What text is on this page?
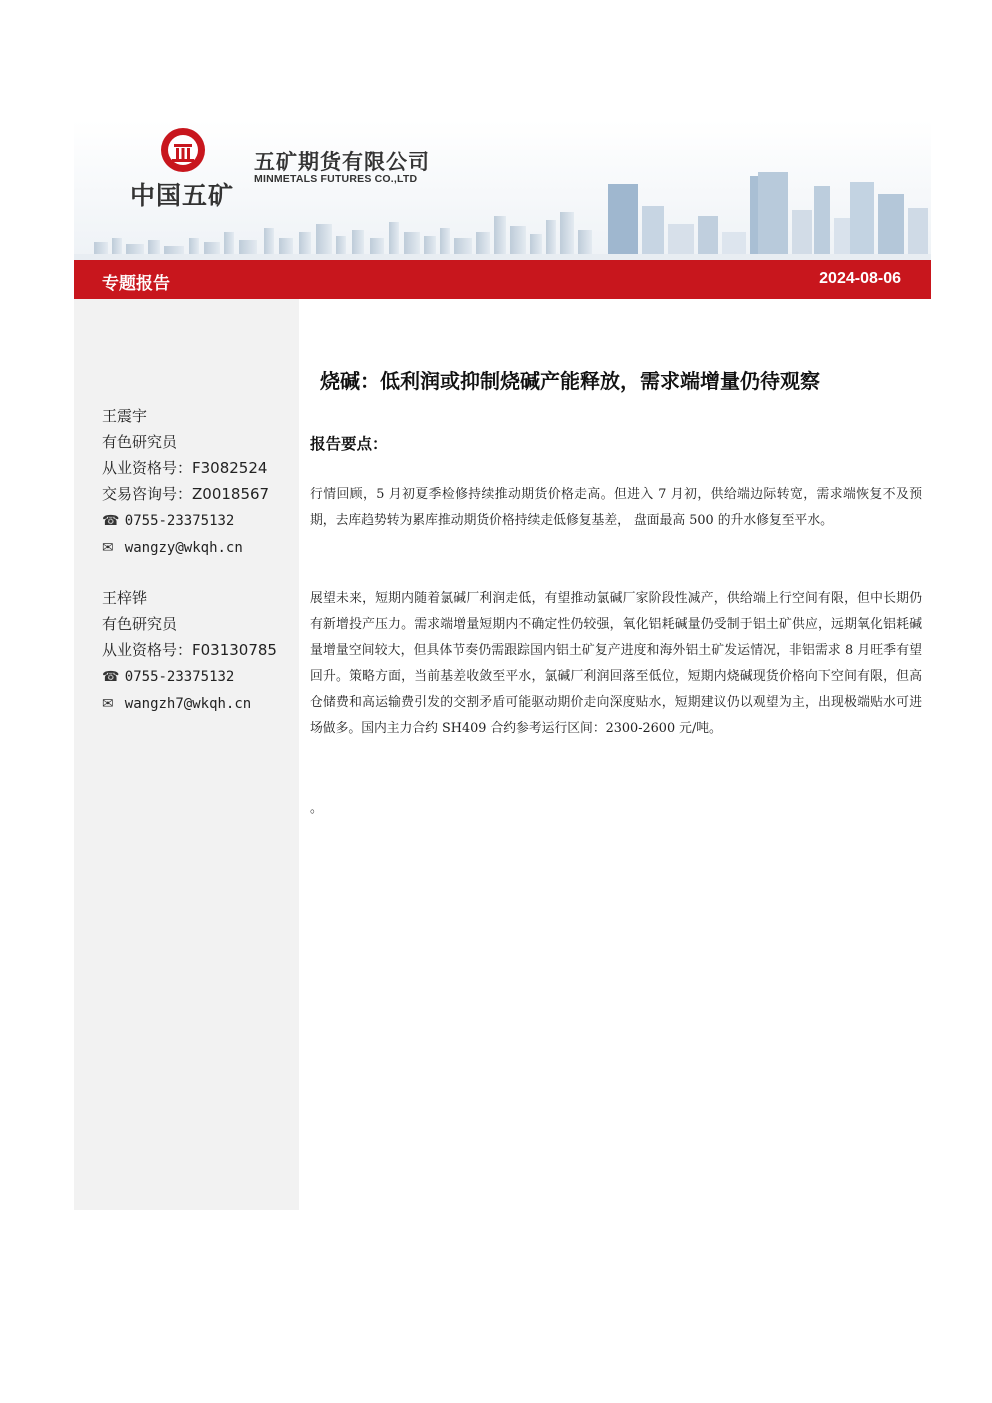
中国五矿
五矿期货有限公司
MINMETALS FUTURES CO.,LTD
专题报告	2024-08-06
王震宇
有色研究员
从业资格号：F3082524
交易咨询号：Z0018567
☎ 0755-23375132
✉ wangzy@wkqh.cn
王梓铧
有色研究员
从业资格号：F03130785
☎ 0755-23375132
✉ wangzh7@wkqh.cn
烧碱：低利润或抑制烧碱产能释放，需求端增量仍待观察
报告要点：
行情回顾，5 月初夏季检修持续推动期货价格走高。但进入 7 月初，供给端边际转宽，需求端恢复不及预期，去库趋势转为累库推动期货价格持续走低修复基差， 盘面最高 500 的升水修复至平水。
展望未来，短期内随着氯碱厂利润走低，有望推动氯碱厂家阶段性减产，供给端上行空间有限，但中长期仍有新增投产压力。需求端增量短期内不确定性仍较强，氧化铝耗碱量仍受制于铝土矿供应，远期氧化铝耗碱量增量空间较大，但具体节奏仍需跟踪国内铝土矿复产进度和海外铝土矿发运情况，非铝需求 8 月旺季有望回升。策略方面，当前基差收敛至平水，氯碱厂利润回落至低位，短期内烧碱现货价格向下空间有限，但高仓储费和高运输费引发的交割矛盾可能驱动期价走向深度贴水，短期建议仍以观望为主，出现极端贴水可进场做多。国内主力合约 SH409 合约参考运行区间：2300-2600 元/吨。
。
